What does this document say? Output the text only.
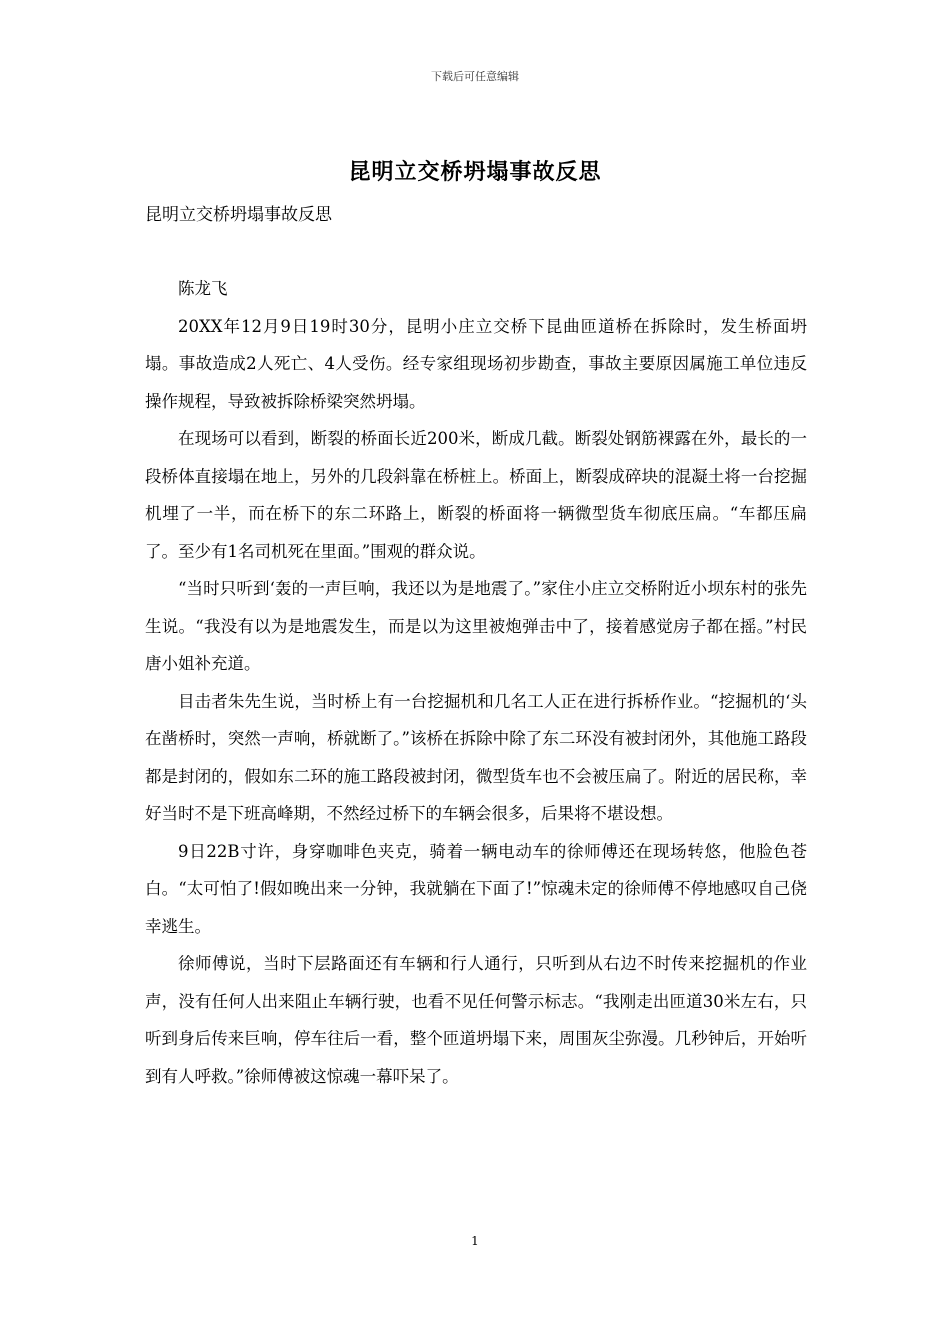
下载后可任意编辑
昆明立交桥坍塌事故反思
昆明立交桥坍塌事故反思

陈龙飞

20XX年12月9日19时30分，昆明小庄立交桥下昆曲匝道桥在拆除时，发生桥面坍塌。事故造成2人死亡、4人受伤。经专家组现场初步勘查，事故主要原因属施工单位违反操作规程，导致被拆除桥梁突然坍塌。

在现场可以看到，断裂的桥面长近200米，断成几截。断裂处钢筋裸露在外，最长的一段桥体直接塌在地上，另外的几段斜靠在桥桩上。桥面上，断裂成碎块的混凝土将一台挖掘机埋了一半，而在桥下的东二环路上，断裂的桥面将一辆微型货车彻底压扁。“车都压扁了。至少有1名司机死在里面。”围观的群众说。

“当时只听到‘轰的一声巨响，我还以为是地震了。”家住小庄立交桥附近小坝东村的张先生说。“我没有以为是地震发生，而是以为这里被炮弹击中了，接着感觉房子都在摇。”村民唐小姐补充道。

目击者朱先生说，当时桥上有一台挖掘机和几名工人正在进行拆桥作业。“挖掘机的‘头在凿桥时，突然一声响，桥就断了。”该桥在拆除中除了东二环没有被封闭外，其他施工路段都是封闭的，假如东二环的施工路段被封闭，微型货车也不会被压扁了。附近的居民称，幸好当时不是下班高峰期，不然经过桥下的车辆会很多，后果将不堪设想。

9日22B寸许，身穿咖啡色夹克，骑着一辆电动车的徐师傅还在现场转悠，他脸色苍白。“太可怕了!假如晚出来一分钟，我就躺在下面了!”惊魂未定的徐师傅不停地感叹自己侥幸逃生。

徐师傅说，当时下层路面还有车辆和行人通行，只听到从右边不时传来挖掘机的作业声，没有任何人出来阻止车辆行驶，也看不见任何警示标志。“我刚走出匝道30米左右，只听到身后传来巨响，停车往后一看，整个匝道坍塌下来，周围灰尘弥漫。几秒钟后，开始听到有人呼救。”徐师傅被这惊魂一幕吓呆了。

1
